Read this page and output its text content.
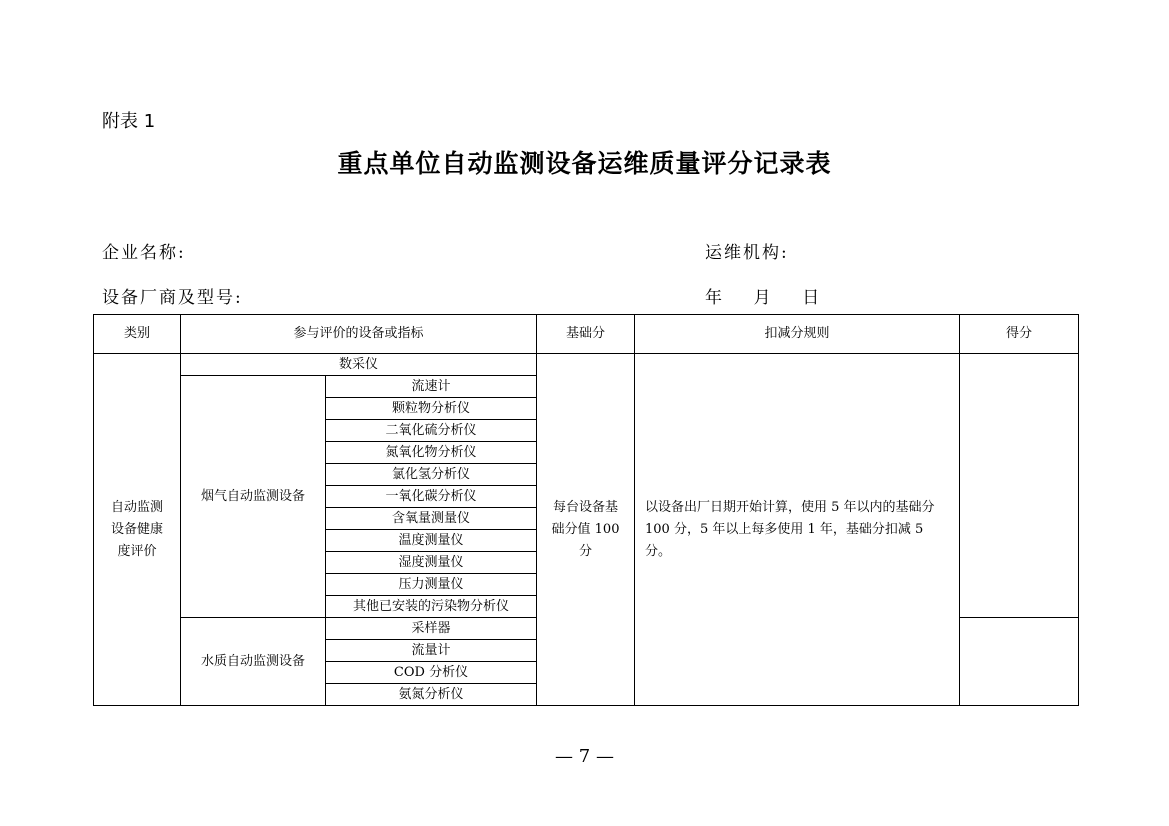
附表 1
重点单位自动监测设备运维质量评分记录表
企业名称:	运维机构:
设备厂商及型号:	年    月    日
类别	参与评价的设备或指标		基础分	扣减分规则	得分
自动监测设备健康度评价	数采仪		每台设备基础分值 100 分	以设备出厂日期开始计算，使用 5 年以内的基础分 100 分，5 年以上每多使用 1 年，基础分扣减 5 分。	
	烟气自动监测设备	流速计			
		颗粒物分析仪			
		二氧化硫分析仪			
		氮氧化物分析仪			
		氯化氢分析仪			
		一氧化碳分析仪			
		含氧量测量仪			
		温度测量仪			
		湿度测量仪			
		压力测量仪			
		其他已安装的污染物分析仪			
	水质自动监测设备	采样器			
		流量计			
		COD 分析仪			
		氨氮分析仪			
— 7 —
